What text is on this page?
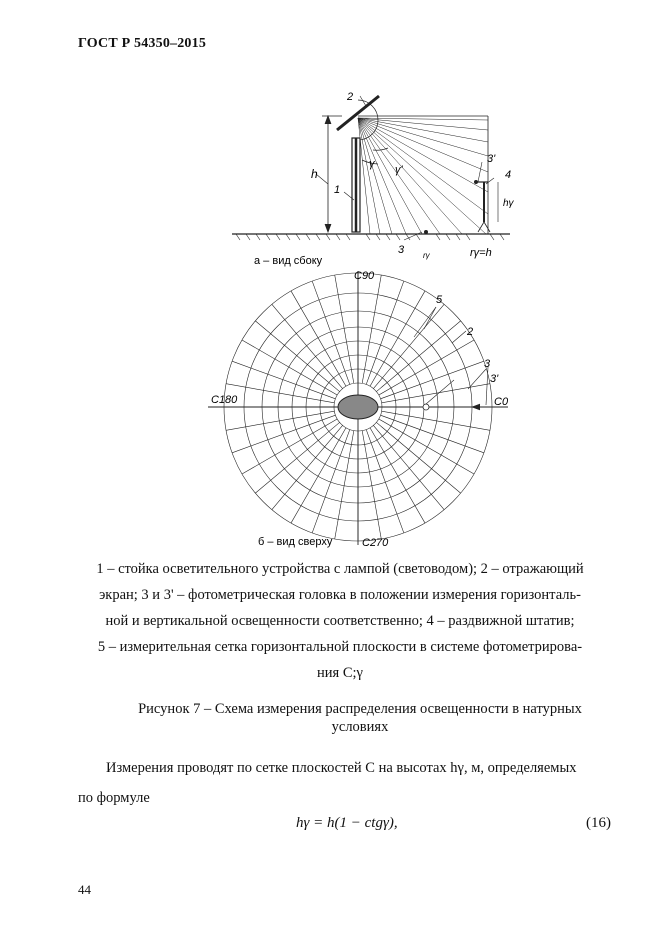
ГОСТ Р 54350–2015
2
h
1
γ γ'
3'
4
hγ
3 rγ	rγ=h
а – вид сбоку
C90
C180	C0
C270
5
2
3
3'
б – вид сверху
1 – стойка осветительного устройства с лампой (световодом); 2 – отражающий
экран; 3 и 3' – фотометрическая головка в положении измерения горизонталь-
ной и вертикальной освещенности соответственно; 4 – раздвижной штатив;
5 – измерительная сетка горизонтальной плоскости в системе фотометрирова-
ния C;γ
Рисунок 7 – Схема измерения распределения освещенности в натурных
условиях
Измерения проводят по сетке плоскостей C на высотах hγ, м, определяемых
по формуле
hγ = h(1 − ctgγ),	(16)
44
